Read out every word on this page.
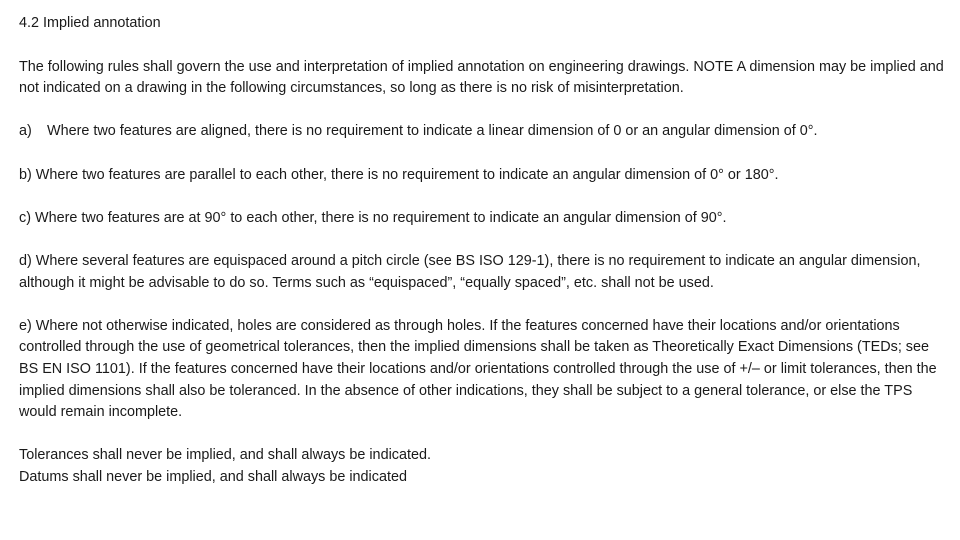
4.2 Implied annotation

The following rules shall govern the use and interpretation of implied annotation on engineering drawings. NOTE A dimension may be implied and not indicated on a drawing in the following circumstances, so long as there is no risk of misinterpretation.

a) Where two features are aligned, there is no requirement to indicate a linear dimension of 0 or an angular dimension of 0°.

b) Where two features are parallel to each other, there is no requirement to indicate an angular dimension of 0° or 180°.

c) Where two features are at 90° to each other, there is no requirement to indicate an angular dimension of 90°.

d) Where several features are equispaced around a pitch circle (see BS ISO 129-1), there is no requirement to indicate an angular dimension, although it might be advisable to do so. Terms such as “equispaced”, “equally spaced”, etc. shall not be used.

e) Where not otherwise indicated, holes are considered as through holes. If the features concerned have their locations and/or orientations controlled through the use of geometrical tolerances, then the implied dimensions shall be taken as Theoretically Exact Dimensions (TEDs; see BS EN ISO 1101). If the features concerned have their locations and/or orientations controlled through the use of +/– or limit tolerances, then the implied dimensions shall also be toleranced. In the absence of other indications, they shall be subject to a general tolerance, or else the TPS would remain incomplete.

Tolerances shall never be implied, and shall always be indicated.

Datums shall never be implied, and shall always be indicated
